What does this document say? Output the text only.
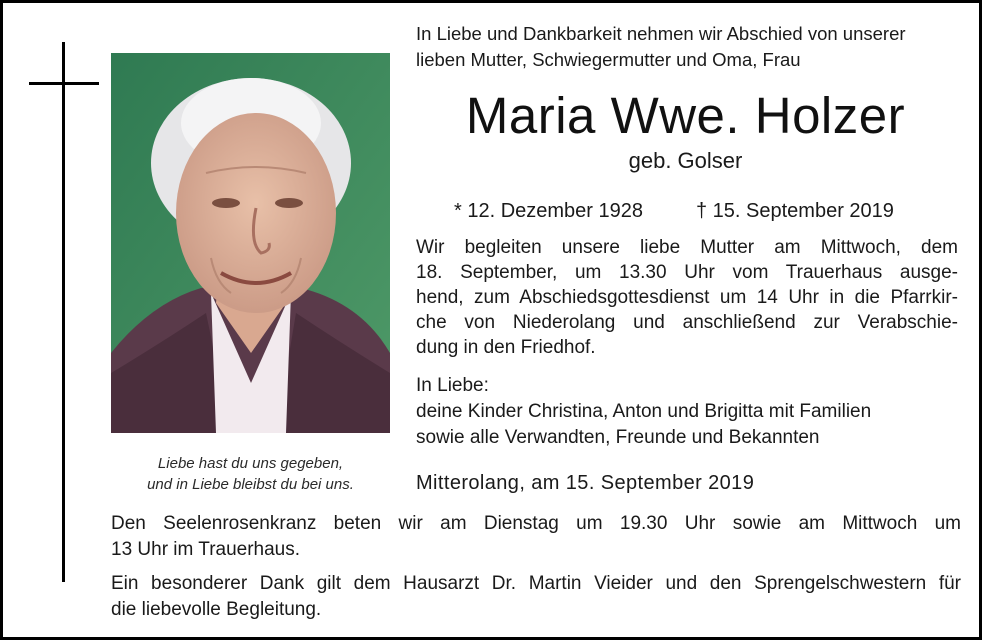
Liebe hast du uns gegeben,
und in Liebe bleibst du bei uns.
In Liebe und Dankbarkeit nehmen wir Abschied von unserer
lieben Mutter, Schwiegermutter und Oma, Frau
Maria Wwe. Holzer
geb. Golser
* 12. Dezember 1928	† 15. September 2019
Wir begleiten unsere liebe Mutter am Mittwoch, dem
18. September, um 13.30 Uhr vom Trauerhaus ausge-
hend, zum Abschiedsgottesdienst um 14 Uhr in die Pfarrkir-
che von Niederolang und anschließend zur Verabschie-
dung in den Friedhof.
In Liebe:
deine Kinder Christina, Anton und Brigitta mit Familien
sowie alle Verwandten, Freunde und Bekannten
Mitterolang, am 15. September 2019
Den Seelenrosenkranz beten wir am Dienstag um 19.30 Uhr sowie am Mittwoch um
13 Uhr im Trauerhaus.
Ein besonderer Dank gilt dem Hausarzt Dr. Martin Vieider und den Sprengelschwestern für
die liebevolle Begleitung.
